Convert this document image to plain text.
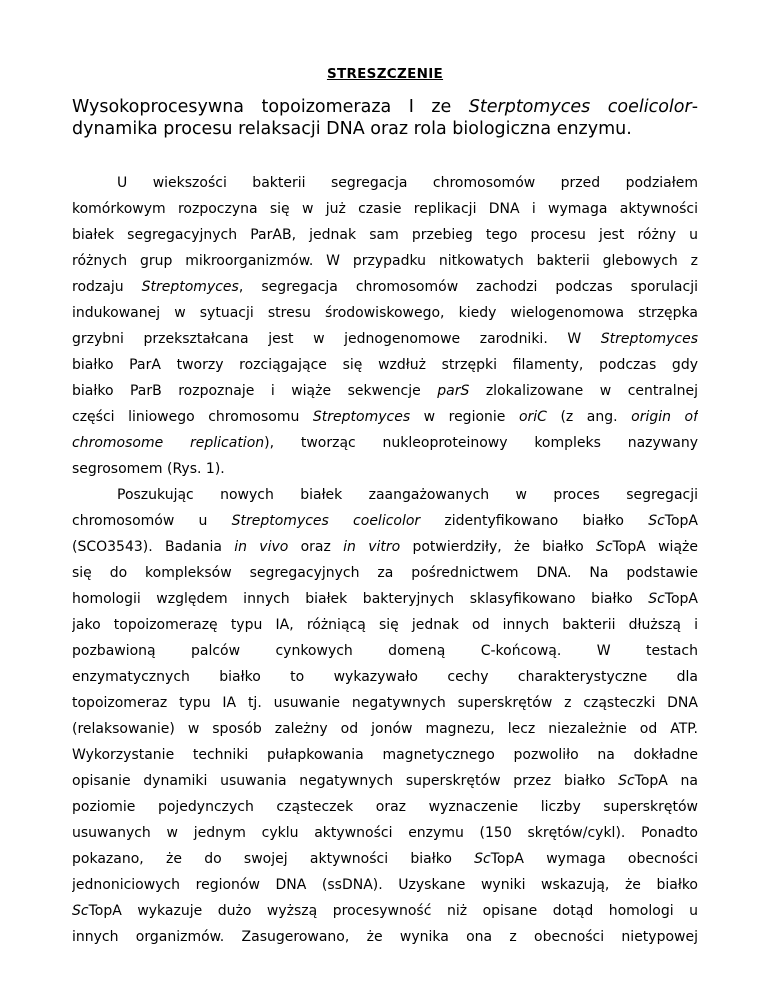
STRESZCZENIE
Wysokoprocesywna topoizomeraza I ze Sterptomyces coelicolor-
dynamika procesu relaksacji DNA oraz rola biologiczna enzymu.
U wiekszości bakterii segregacja chromosomów przed podziałem
komórkowym rozpoczyna się w już czasie replikacji DNA i wymaga aktywności
białek segregacyjnych ParAB, jednak sam przebieg tego procesu jest różny u
różnych grup mikroorganizmów. W przypadku nitkowatych bakterii glebowych z
rodzaju Streptomyces, segregacja chromosomów zachodzi podczas sporulacji
indukowanej w sytuacji stresu środowiskowego, kiedy wielogenomowa strzępka
grzybni przekształcana jest w jednogenomowe zarodniki. W Streptomyces
białko ParA tworzy rozciągające się wzdłuż strzępki filamenty, podczas gdy
białko ParB rozpoznaje i wiąże sekwencje parS zlokalizowane w centralnej
części liniowego chromosomu Streptomyces w regionie oriC (z ang. origin of
chromosome replication), tworząc nukleoproteinowy kompleks nazywany
segrosomem (Rys. 1).
Poszukując nowych białek zaangażowanych w proces segregacji
chromosomów u Streptomyces coelicolor zidentyfikowano białko ScTopA
(SCO3543). Badania in vivo oraz in vitro potwierdziły, że białko ScTopA wiąże
się do kompleksów segregacyjnych za pośrednictwem DNA. Na podstawie
homologii względem innych białek bakteryjnych sklasyfikowano białko ScTopA
jako topoizomerazę typu IA, różniącą się jednak od innych bakterii dłuższą i
pozbawioną palców cynkowych domeną C-końcową. W testach
enzymatycznych białko to wykazywało cechy charakterystyczne dla
topoizomeraz typu IA tj. usuwanie negatywnych superskrętów z cząsteczki DNA
(relaksowanie) w sposób zależny od jonów magnezu, lecz niezależnie od ATP.
Wykorzystanie techniki pułapkowania magnetycznego pozwoliło na dokładne
opisanie dynamiki usuwania negatywnych superskrętów przez białko ScTopA na
poziomie pojedynczych cząsteczek oraz wyznaczenie liczby superskrętów
usuwanych w jednym cyklu aktywności enzymu (150 skrętów/cykl). Ponadto
pokazano, że do swojej aktywności białko ScTopA wymaga obecności
jednoniciowych regionów DNA (ssDNA). Uzyskane wyniki wskazują, że białko
ScTopA wykazuje dużo wyższą procesywność niż opisane dotąd homologi u
innych organizmów. Zasugerowano, że wynika ona z obecności nietypowej
